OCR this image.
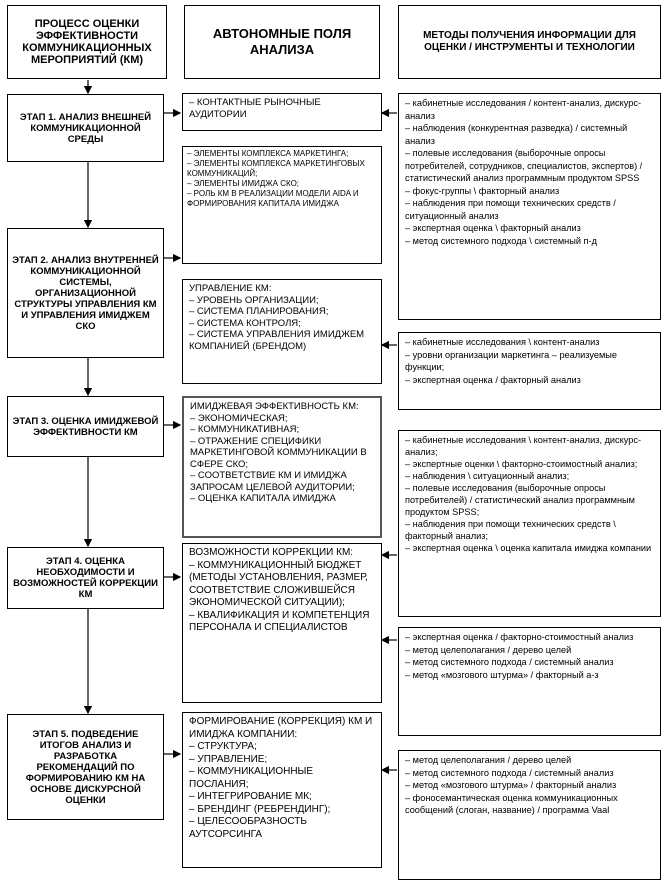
ПРОЦЕСС ОЦЕНКИ ЭФФЕКТИВНОСТИ КОММУНИКАЦИОННЫХ МЕРОПРИЯТИЙ (КМ)
АВТОНОМНЫЕ ПОЛЯ АНАЛИЗА
МЕТОДЫ ПОЛУЧЕНИЯ ИНФОРМАЦИИ ДЛЯ ОЦЕНКИ / ИНСТРУМЕНТЫ И ТЕХНОЛОГИИ
ЭТАП 1. АНАЛИЗ ВНЕШНЕЙ КОММУНИКАЦИОННОЙ СРЕДЫ
ЭТАП 2. АНАЛИЗ ВНУТРЕННЕЙ КОММУНИКАЦИОННОЙ СИСТЕМЫ, ОРГАНИЗАЦИОННОЙ СТРУКТУРЫ УПРАВЛЕНИЯ КМ И УПРАВЛЕНИЯ ИМИДЖЕМ СКО
ЭТАП 3. ОЦЕНКА ИМИДЖЕВОЙ ЭФФЕКТИВНОСТИ КМ
ЭТАП 4. ОЦЕНКА НЕОБХОДИМОСТИ И ВОЗМОЖНОСТЕЙ КОРРЕКЦИИ КМ
ЭТАП 5. ПОДВЕДЕНИЕ ИТОГОВ АНАЛИЗ И РАЗРАБОТКА РЕКОМЕНДАЦИЙ ПО ФОРМИРОВАНИЮ КМ НА ОСНОВЕ ДИСКУРСНОЙ ОЦЕНКИ
– КОНТАКТНЫЕ РЫНОЧНЫЕ АУДИТОРИИ
– ЭЛЕМЕНТЫ КОМПЛЕКСА МАРКЕТИНГА;
– ЭЛЕМЕНТЫ КОМПЛЕКСА МАРКЕТИНГОВЫХ КОММУНИКАЦИЙ;
– ЭЛЕМЕНТЫ ИМИДЖА СКО;
– РОЛЬ КМ В РЕАЛИЗАЦИИ МОДЕЛИ AIDA И ФОРМИРОВАНИЯ КАПИТАЛА ИМИДЖА
УПРАВЛЕНИЕ КМ:
– УРОВЕНЬ ОРГАНИЗАЦИИ;
– СИСТЕМА ПЛАНИРОВАНИЯ;
– СИСТЕМА КОНТРОЛЯ;
– СИСТЕМА УПРАВЛЕНИЯ ИМИДЖЕМ КОМПАНИЕЙ (БРЕНДОМ)
ИМИДЖЕВАЯ ЭФФЕКТИВНОСТЬ КМ:
– ЭКОНОМИЧЕСКАЯ;
– КОММУНИКАТИВНАЯ;
– ОТРАЖЕНИЕ СПЕЦИФИКИ МАРКЕТИНГОВОЙ КОММУНИКАЦИИ В СФЕРЕ СКО;
– СООТВЕТСТВИЕ КМ И ИМИДЖА ЗАПРОСАМ ЦЕЛЕВОЙ АУДИТОРИИ;
– ОЦЕНКА КАПИТАЛА ИМИДЖА
ВОЗМОЖНОСТИ КОРРЕКЦИИ КМ:
– КОММУНИКАЦИОННЫЙ БЮДЖЕТ (МЕТОДЫ УСТАНОВЛЕНИЯ, РАЗМЕР, СООТВЕТСТВИЕ СЛОЖИВШЕЙСЯ ЭКОНОМИЧЕСКОЙ СИТУАЦИИ);
– КВАЛИФИКАЦИЯ И КОМПЕТЕНЦИЯ ПЕРСОНАЛА И СПЕЦИАЛИСТОВ
ФОРМИРОВАНИЕ (КОРРЕКЦИЯ) КМ И ИМИДЖА КОМПАНИИ:
– СТРУКТУРА;
– УПРАВЛЕНИЕ;
– КОММУНИКАЦИОННЫЕ ПОСЛАНИЯ;
– ИНТЕГРИРОВАНИЕ МК;
– БРЕНДИНГ (РЕБРЕНДИНГ);
– ЦЕЛЕСООБРАЗНОСТЬ АУТСОРСИНГА
– кабинетные исследования / контент-анализ, дискурс-анализ
– наблюдения (конкурентная разведка) / системный анализ
– полевые исследования (выборочные опросы потребителей, сотрудников, специалистов, экспертов) / статистический анализ программным продуктом SPSS
– фокус-группы \ факторный анализ
– наблюдения при помощи технических средств / ситуационный анализ
– экспертная оценка \ факторный анализ
– метод системного подхода \ системный п-д
– кабинетные исследования \ контент-анализ
– уровни организации маркетинга – реализуемые функции;
– экспертная оценка / факторный анализ
– кабинетные исследования \ контент-анализ, дискурс-анализ;
– экспертные оценки \ факторно-стоимостный анализ;
– наблюдения \ ситуационный анализ;
– полевые исследования (выборочные опросы потребителей) / статистический анализ программным продуктом SPSS;
– наблюдения при помощи технических средств \ факторный анализ;
– экспертная оценка \ оценка капитала имиджа компании
– экспертная оценка / факторно-стоимостный анализ
– метод целеполагания / дерево целей
– метод системного подхода / системный анализ
– метод «мозгового штурма» / факторный а-з
– метод целеполагания / дерево целей
– метод системного подхода / системный анализ
– метод «мозгового штурма» / факторный анализ
– фоносемантическая оценка коммуникационных сообщений (слоган, название) / программа Vaal
